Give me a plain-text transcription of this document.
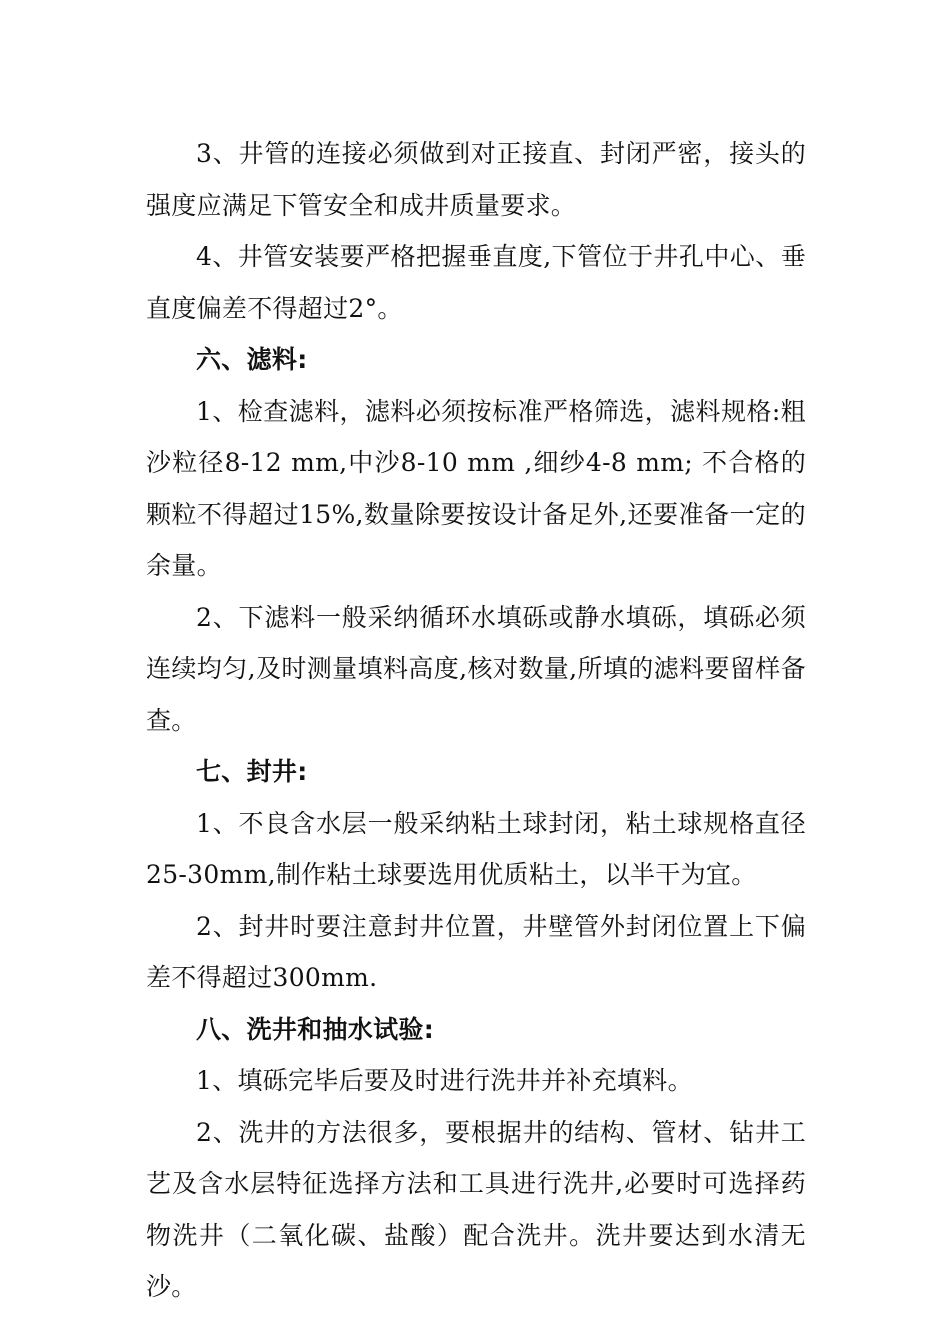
3、井管的连接必须做到对正接直、封闭严密，接头的强度应满足下管安全和成井质量要求。

4、井管安装要严格把握垂直度,下管位于井孔中心、垂直度偏差不得超过2°。

六、滤料:

1、检查滤料，滤料必须按标准严格筛选，滤料规格:粗沙粒径8-12 mm,中沙8-10 mm ,细纱4-8 mm; 不合格的颗粒不得超过15%,数量除要按设计备足外,还要准备一定的余量。

2、下滤料一般采纳循环水填砾或静水填砾，填砾必须连续均匀,及时测量填料高度,核对数量,所填的滤料要留样备查。

七、封井:

1、不良含水层一般采纳粘土球封闭，粘土球规格直径25-30mm,制作粘土球要选用优质粘土，以半干为宜。

2、封井时要注意封井位置，井壁管外封闭位置上下偏差不得超过300mm.

八、洗井和抽水试验:

1、填砾完毕后要及时进行洗井并补充填料。

2、洗井的方法很多，要根据井的结构、管材、钻井工艺及含水层特征选择方法和工具进行洗井,必要时可选择药物洗井（二氧化碳、盐酸）配合洗井。洗井要达到水清无沙。
